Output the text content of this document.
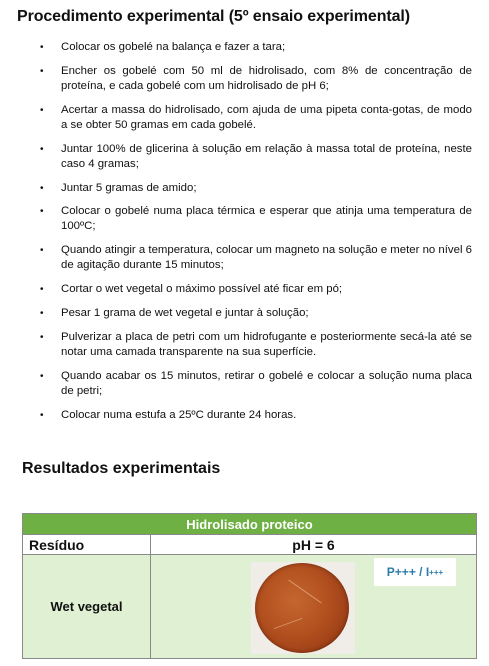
Procedimento experimental (5º ensaio experimental)
• Colocar os gobelé na balança e fazer a tara;
• Encher os gobelé com 50 ml de hidrolisado, com 8% de concentração de proteína, e cada gobelé com um hidrolisado de pH 6;
• Acertar a massa do hidrolisado, com ajuda de uma pipeta conta-gotas, de modo a se obter 50 gramas em cada gobelé.
• Juntar 100% de glicerina à solução em relação à massa total de proteína, neste caso 4 gramas;
• Juntar 5 gramas de amido;
• Colocar o gobelé numa placa térmica e esperar que atinja uma temperatura de 100ºC;
• Quando atingir a temperatura, colocar um magneto na solução e meter no nível 6 de agitação durante 15 minutos;
• Cortar o wet vegetal o máximo possível até ficar em pó;
• Pesar 1 grama de wet vegetal e juntar à solução;
• Pulverizar a placa de petri com um hidrofugante e posteriormente secá-la até se notar uma camada transparente na sua superfície.
• Quando acabar os 15 minutos, retirar o gobelé e colocar a solução numa placa de petri;
• Colocar numa estufa a 25ºC durante 24 horas.
Resultados experimentais
Hidrolisado proteico	
Resíduo	pH = 6
Wet vegetal	P+++ / I +++
